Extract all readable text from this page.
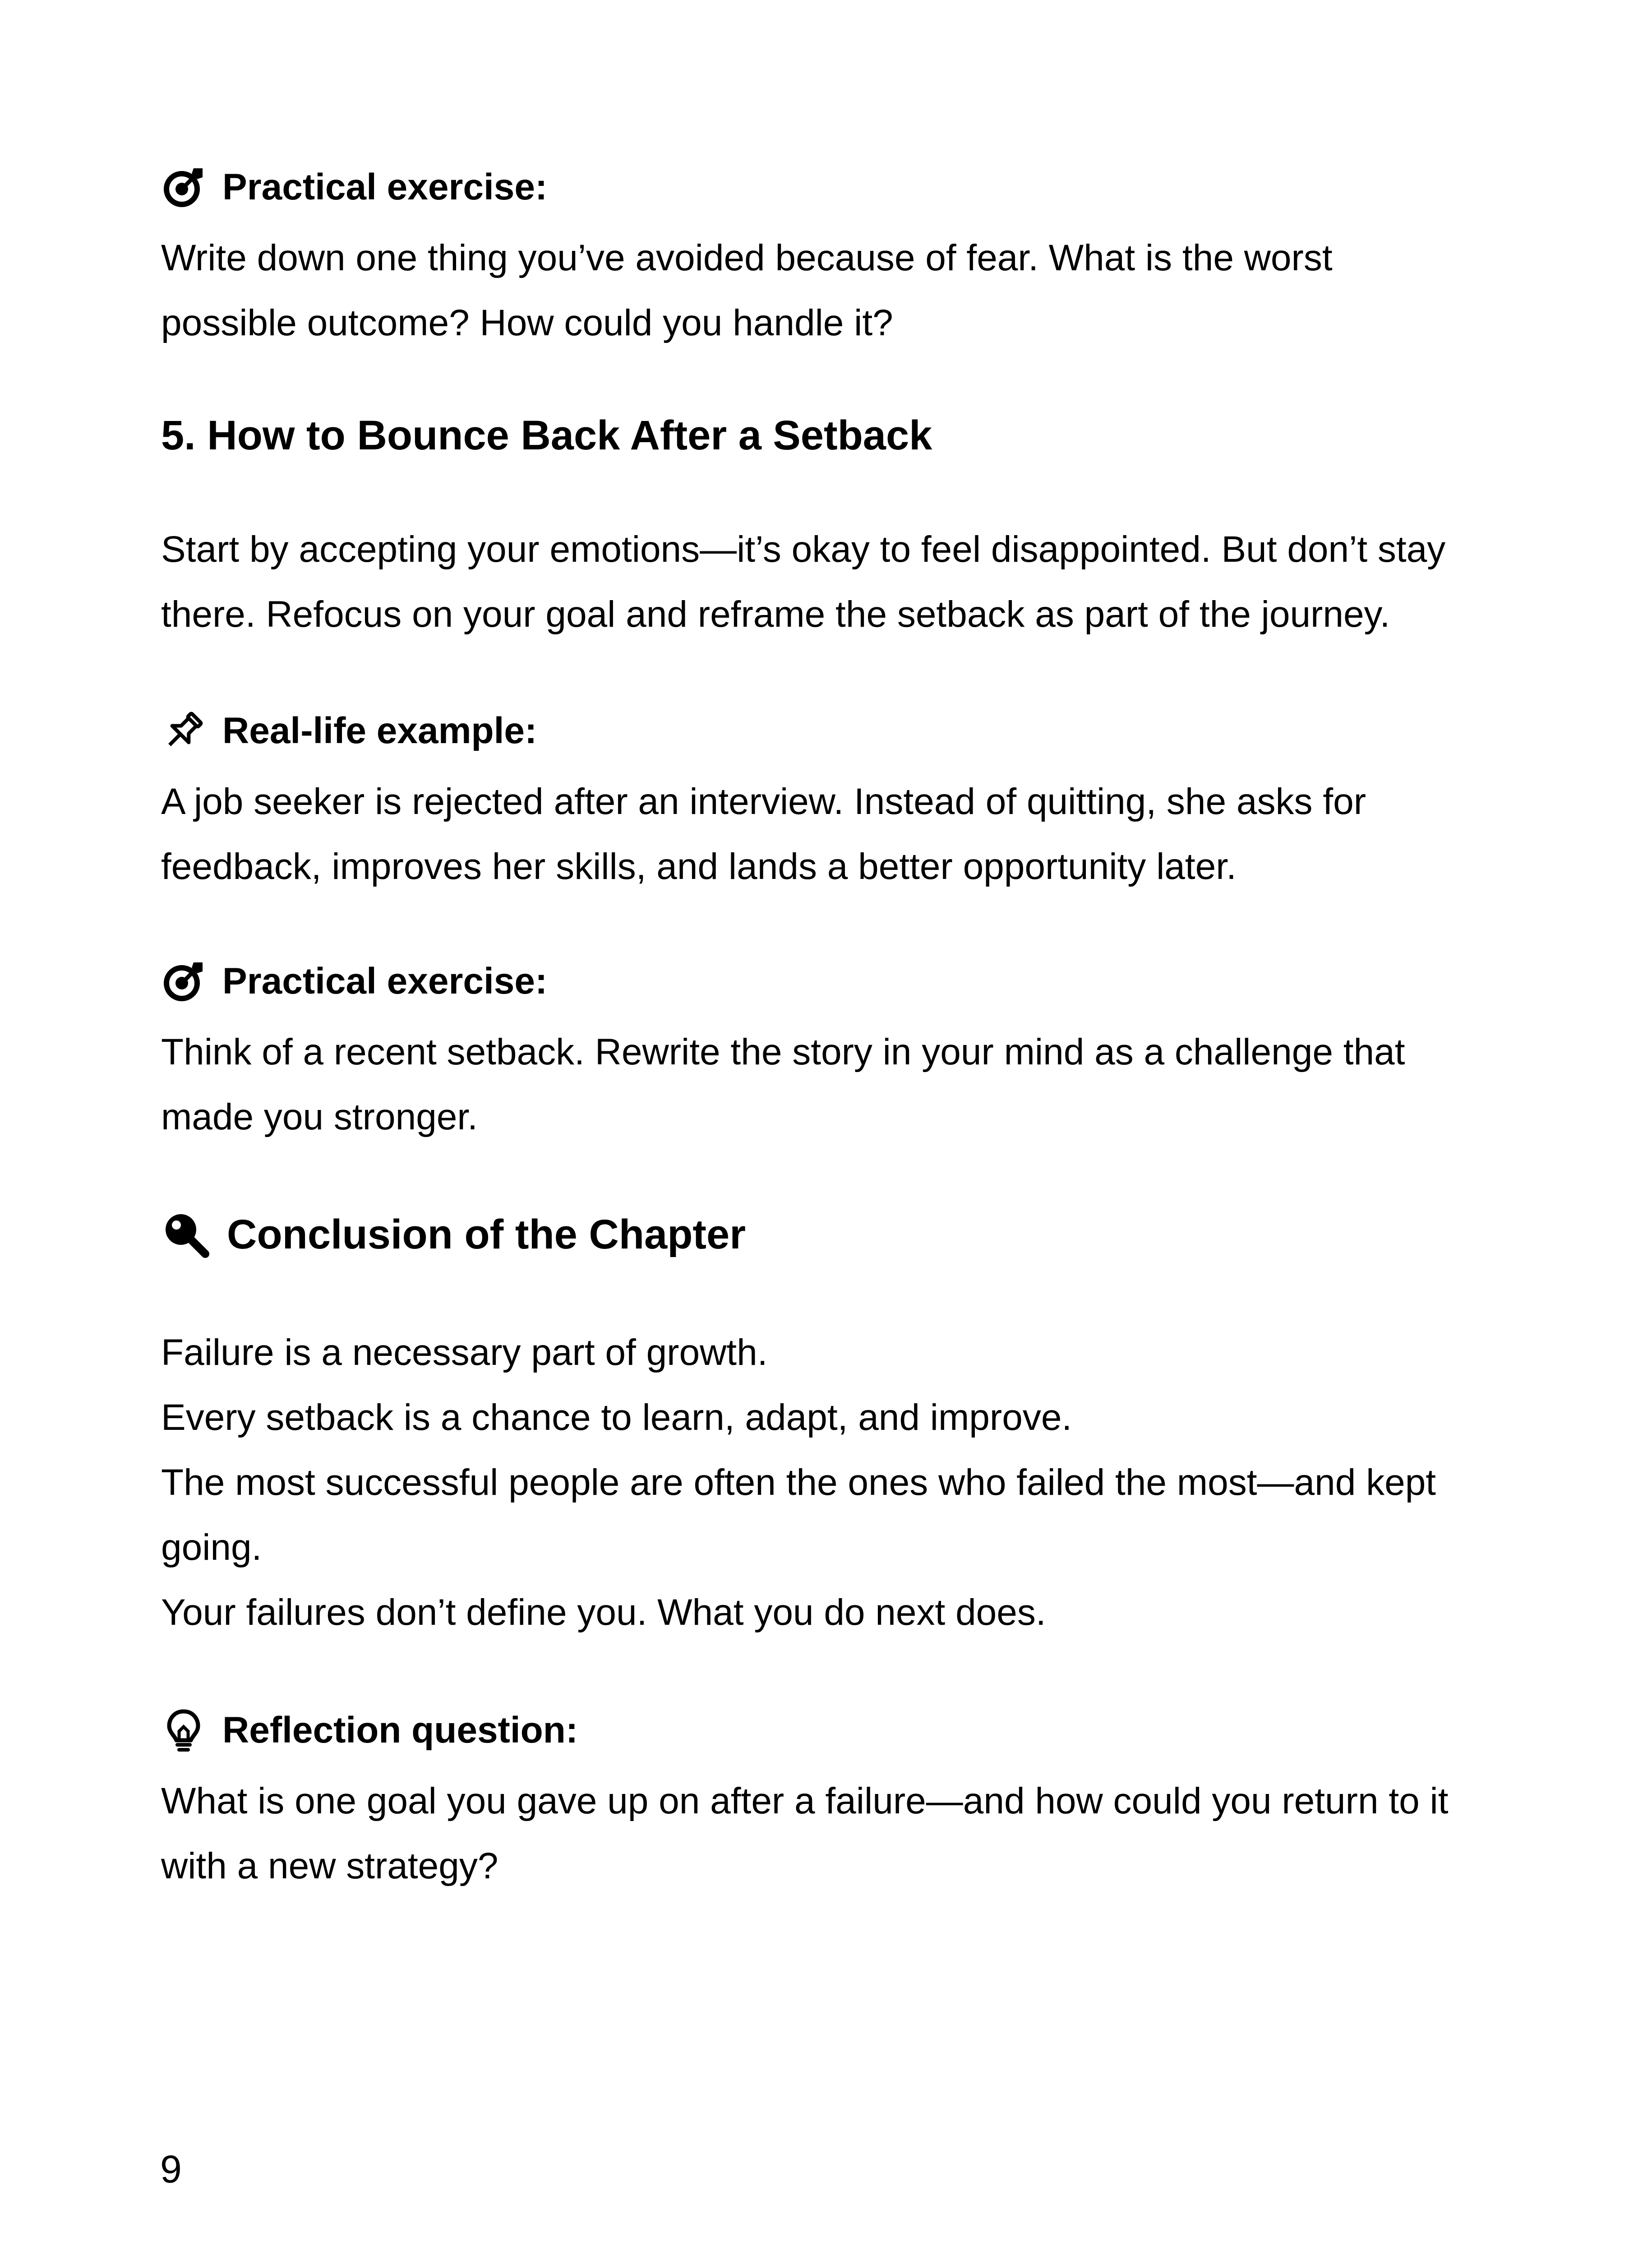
Practical exercise:
Write down one thing you’ve avoided because of fear. What is the worst
possible outcome? How could you handle it?
5. How to Bounce Back After a Setback
Start by accepting your emotions—it’s okay to feel disappointed. But don’t stay
there. Refocus on your goal and reframe the setback as part of the journey.
Real-life example:
A job seeker is rejected after an interview. Instead of quitting, she asks for
feedback, improves her skills, and lands a better opportunity later.
Practical exercise:
Think of a recent setback. Rewrite the story in your mind as a challenge that
made you stronger.
Conclusion of the Chapter
Failure is a necessary part of growth.
Every setback is a chance to learn, adapt, and improve.
The most successful people are often the ones who failed the most—and kept
going.
Your failures don’t define you. What you do next does.
Reflection question:
What is one goal you gave up on after a failure—and how could you return to it
with a new strategy?
9
